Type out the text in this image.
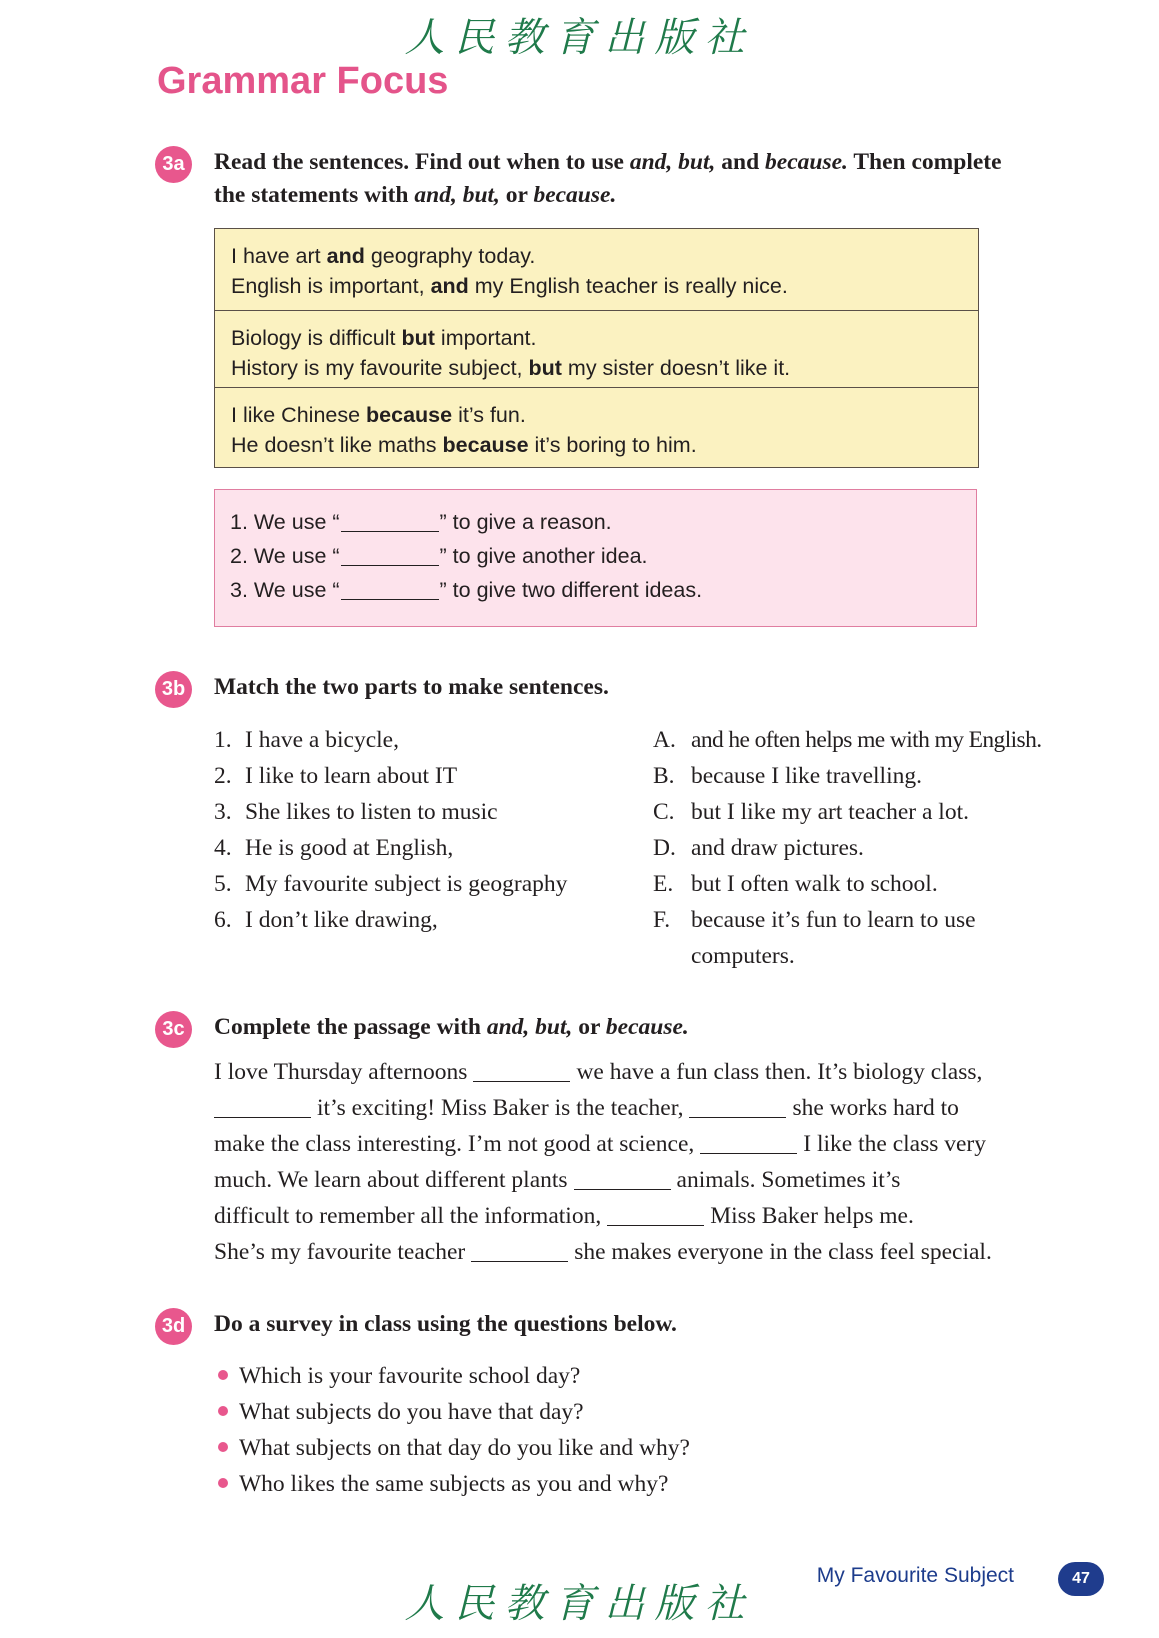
人民教育出版社
Grammar Focus
3a	Read the sentences. Find out when to use and, but, and because. Then complete
the statements with and, but, or because.
I have art and geography today.
English is important, and my English teacher is really nice.
Biology is difficult but important.
History is my favourite subject, but my sister doesn’t like it.
I like Chinese because it’s fun.
He doesn’t like maths because it’s boring to him.
1. We use “	” to give a reason.
2. We use “	” to give another idea.
3. We use “	” to give two different ideas.
3b Match the two parts to make sentences.
1. I have a bicycle,
2. I like to learn about IT
3. She likes to listen to music
4. He is good at English,
5. My favourite subject is geography
6. I don’t like drawing,
A. and he often helps me with my English.
B. because I like travelling.
C. but I like my art teacher a lot.
D. and draw pictures.
E. but I often walk to school.
F. because it’s fun to learn to use
computers.
3c	Complete the passage with and, but, or because.
I love Thursday afternoons	we have a fun class then. It’s biology class,
it’s exciting! Miss Baker is the teacher,	she works hard to
make the class interesting. I’m not good at science,	I like the class very
much. We learn about different plants	animals. Sometimes it’s
difficult to remember all the information,	Miss Baker helps me.
She’s my favourite teacher	she makes everyone in the class feel special.
3d Do a survey in class using the questions below.
Which is your favourite school day?
What subjects do you have that day?
What subjects on that day do you like and why?
Who likes the same subjects as you and why?
My Favourite Subject	47
人民教育出版社
